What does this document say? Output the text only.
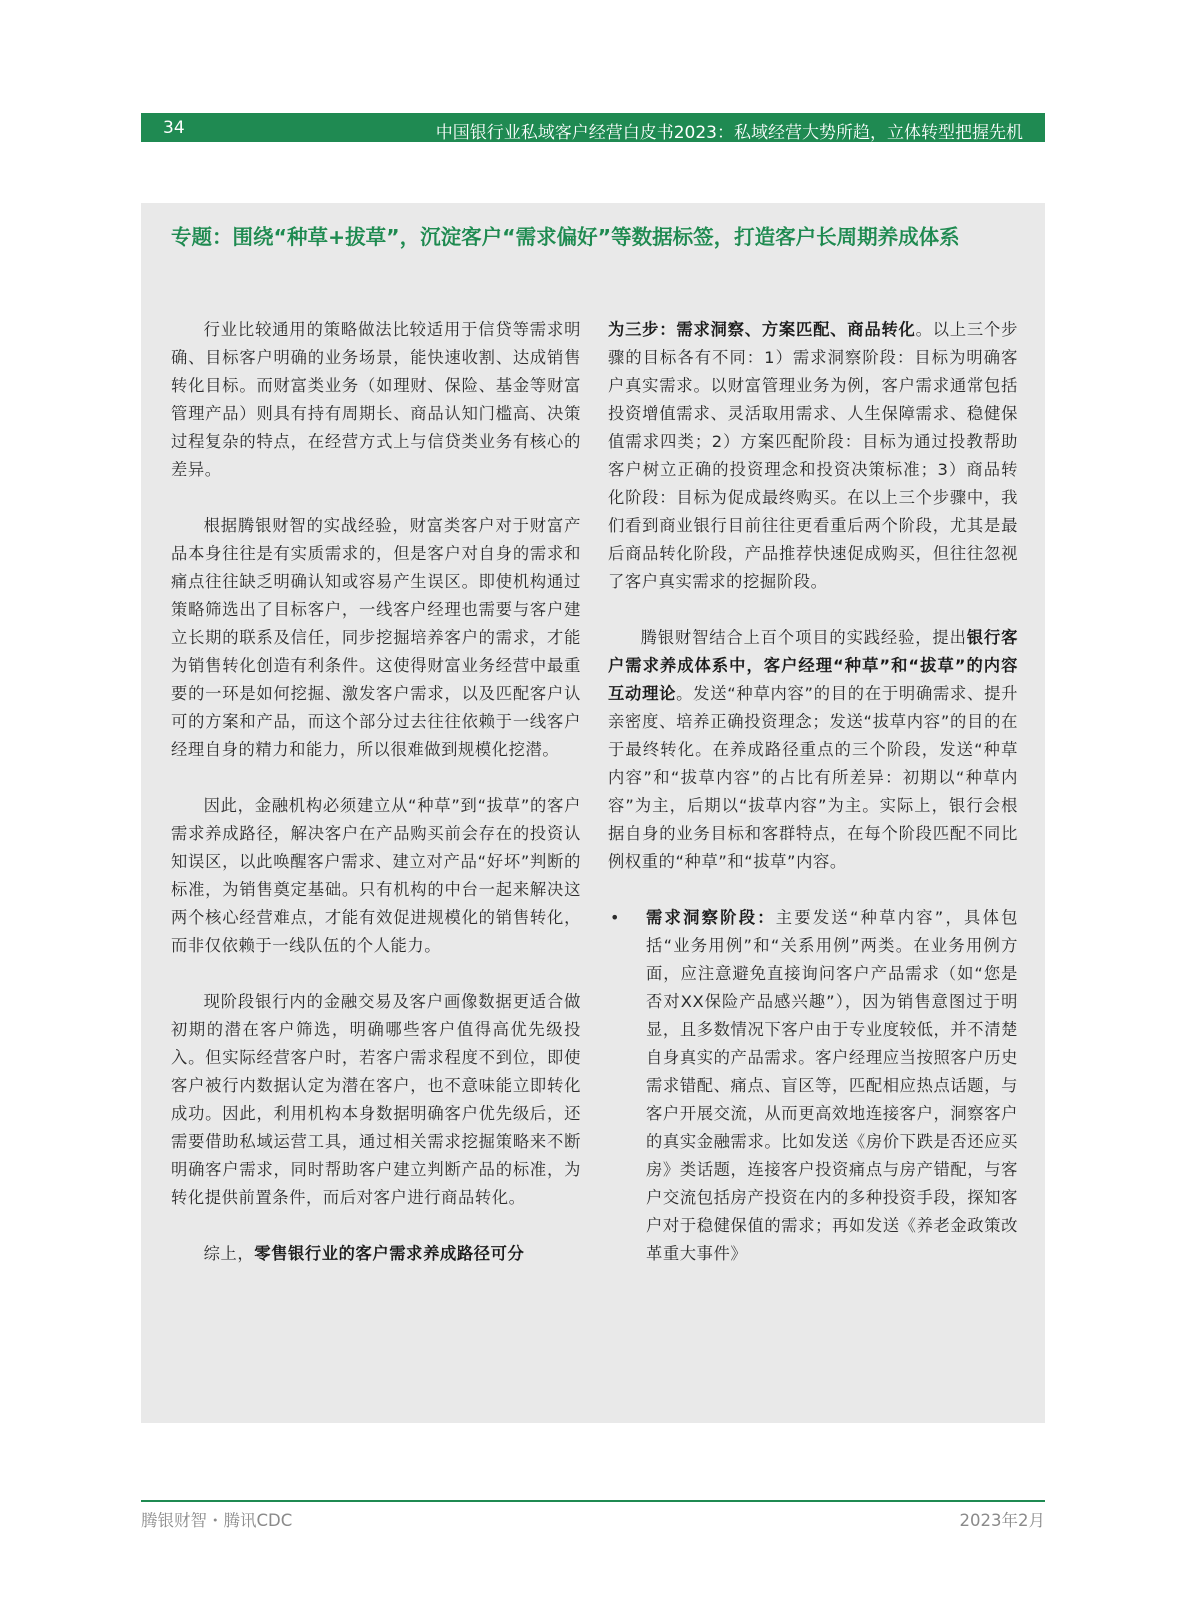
34	中国银行业私域客户经营白皮书2023：私域经营大势所趋，立体转型把握先机
专题：围绕“种草+拔草”，沉淀客户“需求偏好”等数据标签，打造客户长周期养成体系

行业比较通用的策略做法比较适用于信贷等需求明确、目标客户明确的业务场景，能快速收割、达成销售转化目标。而财富类业务（如理财、保险、基金等财富管理产品）则具有持有周期长、商品认知门槛高、决策过程复杂的特点，在经营方式上与信贷类业务有核心的差异。

根据腾银财智的实战经验，财富类客户对于财富产品本身往往是有实质需求的，但是客户对自身的需求和痛点往往缺乏明确认知或容易产生误区。即使机构通过策略筛选出了目标客户，一线客户经理也需要与客户建立长期的联系及信任，同步挖掘培养客户的需求，才能为销售转化创造有利条件。这使得财富业务经营中最重要的一环是如何挖掘、激发客户需求，以及匹配客户认可的方案和产品，而这个部分过去往往依赖于一线客户经理自身的精力和能力，所以很难做到规模化挖潜。

因此，金融机构必须建立从“种草”到“拔草”的客户需求养成路径，解决客户在产品购买前会存在的投资认知误区，以此唤醒客户需求、建立对产品“好坏”判断的标准，为销售奠定基础。只有机构的中台一起来解决这两个核心经营难点，才能有效促进规模化的销售转化，而非仅依赖于一线队伍的个人能力。

现阶段银行内的金融交易及客户画像数据更适合做初期的潜在客户筛选，明确哪些客户值得高优先级投入。但实际经营客户时，若客户需求程度不到位，即使客户被行内数据认定为潜在客户，也不意味能立即转化成功。因此，利用机构本身数据明确客户优先级后，还需要借助私域运营工具，通过相关需求挖掘策略来不断明确客户需求，同时帮助客户建立判断产品的标准，为转化提供前置条件，而后对客户进行商品转化。

综上，零售银行业的客户需求养成路径可分

为三步：需求洞察、方案匹配、商品转化。以上三个步骤的目标各有不同：1）需求洞察阶段：目标为明确客户真实需求。以财富管理业务为例，客户需求通常包括投资增值需求、灵活取用需求、人生保障需求、稳健保值需求四类；2）方案匹配阶段：目标为通过投教帮助客户树立正确的投资理念和投资决策标准；3）商品转化阶段：目标为促成最终购买。在以上三个步骤中，我们看到商业银行目前往往更看重后两个阶段，尤其是最后商品转化阶段，产品推荐快速促成购买，但往往忽视了客户真实需求的挖掘阶段。

腾银财智结合上百个项目的实践经验，提出银行客户需求养成体系中，客户经理“种草”和“拔草”的内容互动理论。发送“种草内容”的目的在于明确需求、提升亲密度、培养正确投资理念；发送“拔草内容”的目的在于最终转化。在养成路径重点的三个阶段，发送“种草内容”和“拔草内容”的占比有所差异：初期以“种草内容”为主，后期以“拔草内容”为主。实际上，银行会根据自身的业务目标和客群特点，在每个阶段匹配不同比例权重的“种草”和“拔草”内容。

• 需求洞察阶段：主要发送“种草内容”，具体包括“业务用例”和“关系用例”两类。在业务用例方面，应注意避免直接询问客户产品需求（如“您是否对XX保险产品感兴趣”），因为销售意图过于明显，且多数情况下客户由于专业度较低，并不清楚自身真实的产品需求。客户经理应当按照客户历史需求错配、痛点、盲区等，匹配相应热点话题，与客户开展交流，从而更高效地连接客户，洞察客户的真实金融需求。比如发送《房价下跌是否还应买房》类话题，连接客户投资痛点与房产错配，与客户交流包括房产投资在内的多种投资手段，探知客户对于稳健保值的需求；再如发送《养老金政策改革重大事件》
腾银财智・腾讯CDC	2023年2月
